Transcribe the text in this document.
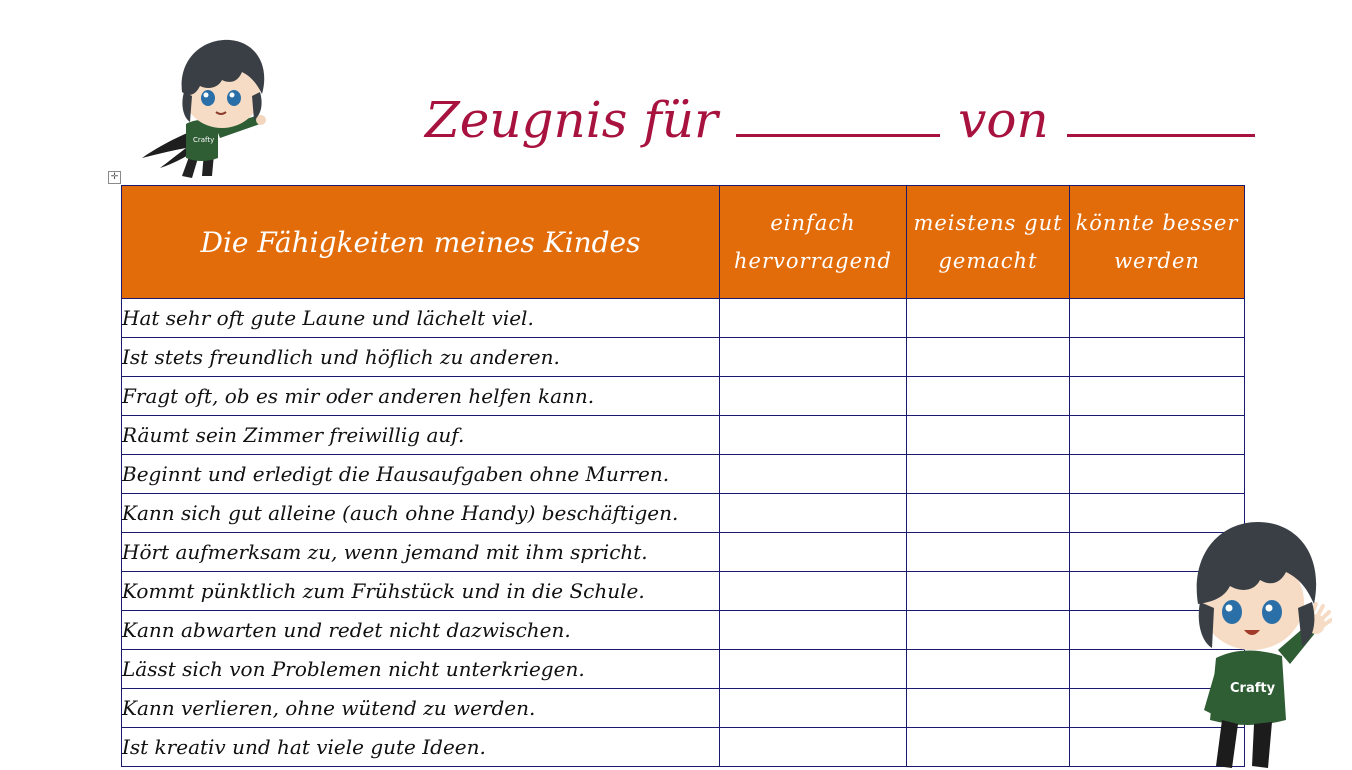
Crafty	Zeugnis für	von
✛
Die Fähigkeiten meines Kindes	einfach hervorragend	meistens gut gemacht	könnte besser werden
Hat sehr oft gute Laune und lächelt viel.			
Ist stets freundlich und höflich zu anderen.			
Fragt oft, ob es mir oder anderen helfen kann.			
Räumt sein Zimmer freiwillig auf.			
Beginnt und erledigt die Hausaufgaben ohne Murren.			
Kann sich gut alleine (auch ohne Handy) beschäftigen.			
Hört aufmerksam zu, wenn jemand mit ihm spricht.			
Kommt pünktlich zum Frühstück und in die Schule.			
Kann abwarten und redet nicht dazwischen.			
Lässt sich von Problemen nicht unterkriegen.			
Kann verlieren, ohne wütend zu werden.			
Ist kreativ und hat viele gute Ideen.			
Crafty
